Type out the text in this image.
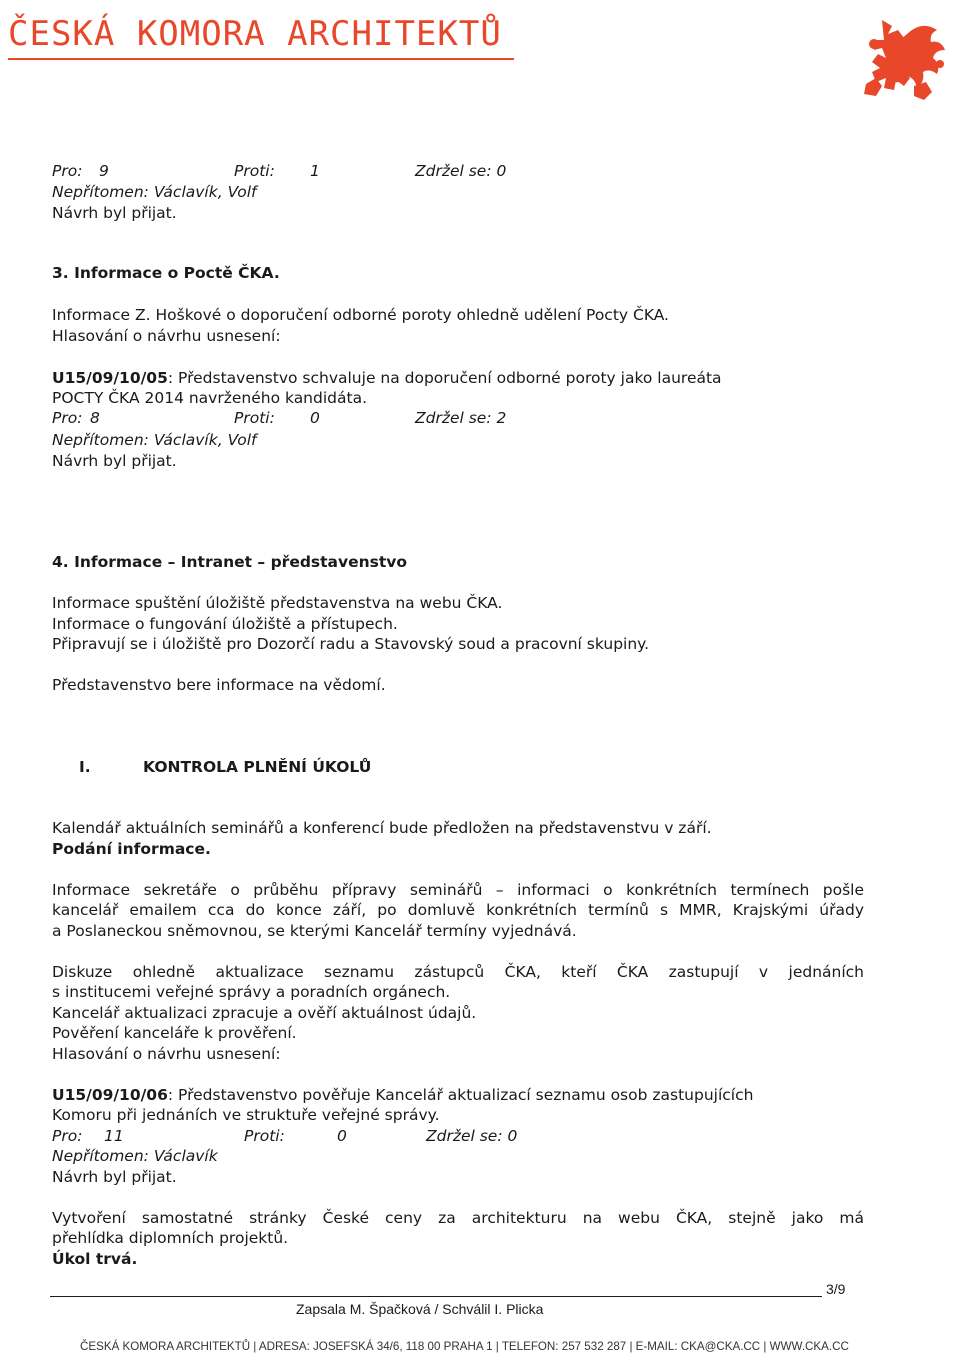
ČESKÁ KOMORA ARCHITEKTŮ
Pro: 9	Proti: 1	Zdržel se: 0
Nepřítomen: Václavík, Volf
Návrh byl přijat.
3. Informace o Poctě ČKA.
Informace Z. Hoškové o doporučení odborné poroty ohledně udělení Pocty ČKA.
Hlasování o návrhu usnesení:
U15/09/10/05: Představenstvo schvaluje na doporučení odborné poroty jako laureáta
POCTY ČKA 2014 navrženého kandidáta.
Pro: 8	Proti: 0	Zdržel se: 2
Nepřítomen: Václavík, Volf
Návrh byl přijat.
4. Informace – Intranet – představenstvo
Informace spuštění úložiště představenstva na webu ČKA.
Informace o fungování úložiště a přístupech.
Připravují se i úložiště pro Dozorčí radu a Stavovský soud a pracovní skupiny.
Představenstvo bere informace na vědomí.
I.	KONTROLA PLNĚNÍ ÚKOLŮ
Kalendář aktuálních seminářů a konferencí bude předložen na představenstvu v září.
Podání informace.
Informace sekretáře o průběhu přípravy seminářů – informaci o konkrétních termínech pošle
kancelář emailem cca do konce září, po domluvě konkrétních termínů s MMR, Krajskými úřady
a Poslaneckou sněmovnou, se kterými Kancelář termíny vyjednává.
Diskuze ohledně aktualizace seznamu zástupců ČKA, kteří ČKA zastupují v jednáních
s institucemi veřejné správy a poradních orgánech.
Kancelář aktualizaci zpracuje a ověří aktuálnost údajů.
Pověření kanceláře k prověření.
Hlasování o návrhu usnesení:
U15/09/10/06: Představenstvo pověřuje Kancelář aktualizací seznamu osob zastupujících
Komoru při jednáních ve struktuře veřejné správy.
Pro: 11	Proti:	0	Zdržel se: 0
Nepřítomen: Václavík
Návrh byl přijat.
Vytvoření samostatné stránky České ceny za architekturu na webu ČKA, stejně jako má
přehlídka diplomních projektů.
Úkol trvá.
3/9
Zapsala M. Špačková / Schválil I. Plicka
ČESKÁ KOMORA ARCHITEKTŮ | ADRESA: JOSEFSKÁ 34/6, 118 00 PRAHA 1 | TELEFON: 257 532 287 | E-MAIL: CKA@CKA.CC | WWW.CKA.CC
